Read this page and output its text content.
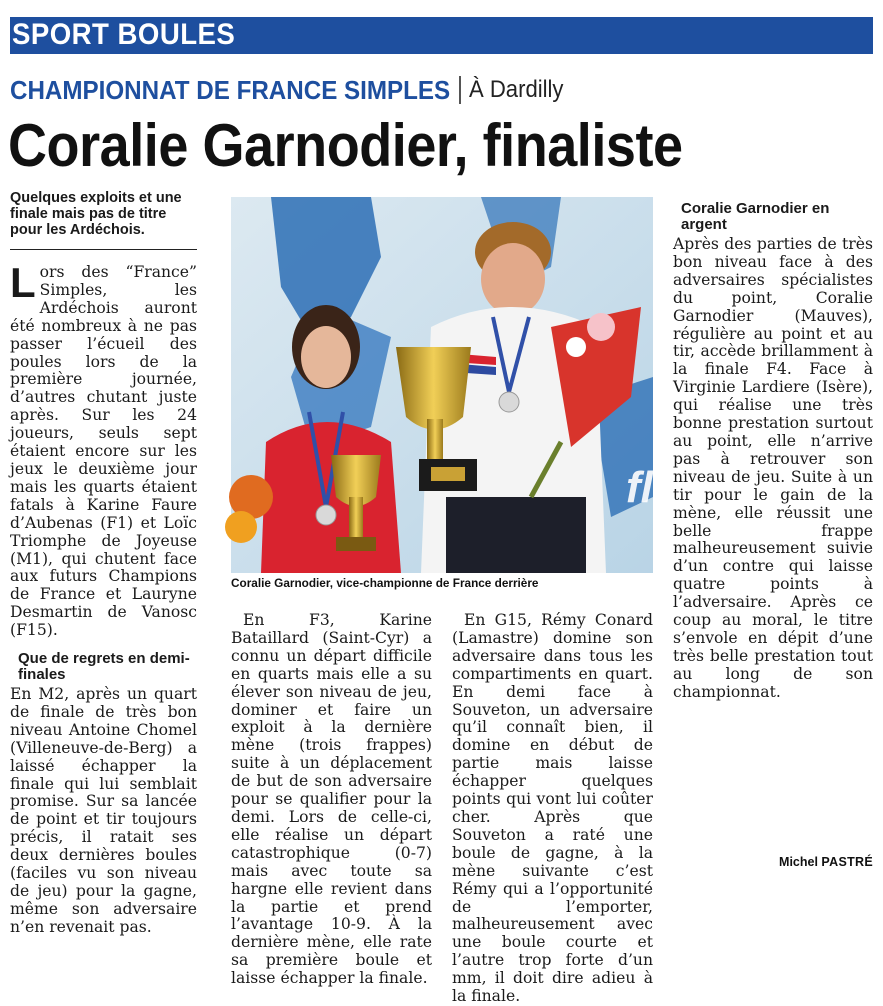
SPORT BOULES
CHAMPIONNAT DE FRANCE SIMPLES À Dardilly
Coralie Garnodier, finaliste
Quelques exploits et une finale mais pas de titre pour les Ardéchois.

Lors des “France” Simples, les Ardéchois auront été nombreux à ne pas passer l’écueil des poules lors de la première journée, d’autres chutant juste après. Sur les 24 joueurs, seuls sept étaient encore sur les jeux le deuxième jour mais les quarts étaient fatals à Karine Faure d’Aubenas (F1) et Loïc Triomphe de Joyeuse (M1), qui chutent face aux futurs Champions de France et Lauryne Desmartin de Vanosc (F15).

Que de regrets en demi-finales

En M2, après un quart de finale de très bon niveau Antoine Chomel (Villeneuve-de-Berg) a laissé échapper la finale qui lui semblait promise. Sur sa lancée de point et tir toujours précis, il ratait ses deux dernières boules (faciles vu son niveau de jeu) pour la gagne, même son adversaire n’en revenait pas.

fl
Coralie Garnodier, vice-championne de France derrière

En F3, Karine Bataillard (Saint-Cyr) a connu un départ difficile en quarts mais elle a su élever son niveau de jeu, dominer et faire un exploit à la dernière mène (trois frappes) suite à un déplacement de but de son adversaire pour se qualifier pour la demi. Lors de celle-ci, elle réalise un départ catastrophique (0-7) mais avec toute sa hargne elle revient dans la partie et prend l’avantage 10-9. À la dernière mène, elle rate sa première boule et laisse échapper la finale.

En G15, Rémy Conard (Lamastre) domine son adversaire dans tous les compartiments en quart. En demi face à Souveton, un adversaire qu’il connaît bien, il domine en début de partie mais laisse échapper quelques points qui vont lui coûter cher. Après que Souveton a raté une boule de gagne, à la mène suivante c’est Rémy qui a l’opportunité de l’emporter, malheureusement avec une boule courte et l’autre trop forte d’un mm, il doit dire adieu à la finale.

Coralie Garnodier en argent

Après des parties de très bon niveau face à des adversaires spécialistes du point, Coralie Garnodier (Mauves), régulière au point et au tir, accède brillamment à la finale F4. Face à Virginie Lardiere (Isère), qui réalise une très bonne prestation surtout au point, elle n’arrive pas à retrouver son niveau de jeu. Suite à un tir pour le gain de la mène, elle réussit une belle frappe malheureusement suivie d’un contre qui laisse quatre points à l’adversaire. Après ce coup au moral, le titre s’envole en dépit d’une très belle prestation tout au long de son championnat.

Michel PASTRÉ
